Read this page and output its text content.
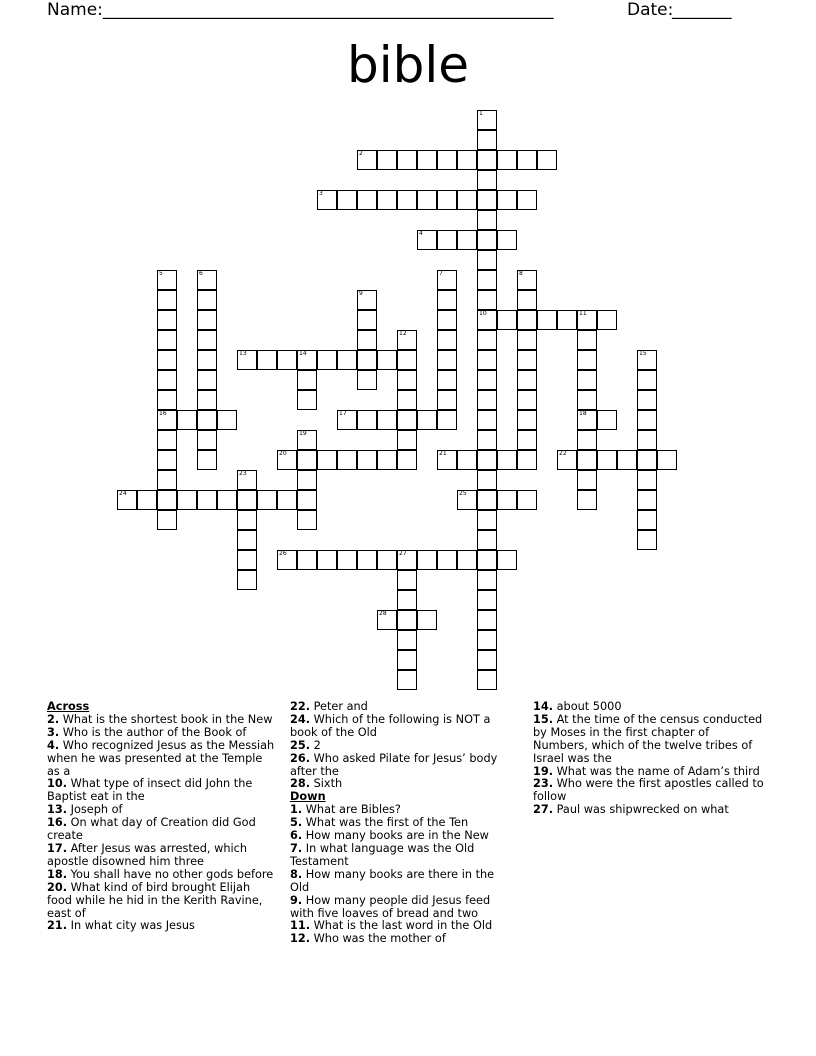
Name: _____________________________________________________	Date:
_______
bible
1
10
2
3
4
5
16
6	7	8
9
11
18
12
13	14	15
17
19
20	21	22
23
24	25
26	27
28

Across

2. What is the shortest book in the New

3. Who is the author of the Book of

4. Who recognized Jesus as the Messiah when he was presented at the Temple as a

10. What type of insect did John the Baptist eat in the

13. Joseph of

16. On what day of Creation did God create

17. After Jesus was arrested, which apostle disowned him three

18. You shall have no other gods before

20. What kind of bird brought Elijah food while he hid in the Kerith Ravine, east of

21. In what city was Jesus

22. Peter and

24. Which of the following is NOT a book of the Old

25. 2

26. Who asked Pilate for Jesus’ body after the

28. Sixth

Down

1. What are Bibles?

5. What was the first of the Ten

6. How many books are in the New

7. In what language was the Old Testament

8. How many books are there in the Old

9. How many people did Jesus feed with five loaves of bread and two

11. What is the last word in the Old

12. Who was the mother of

14. about 5000

15. At the time of the census conducted by Moses in the first chapter of Numbers, which of the twelve tribes of Israel was the

19. What was the name of Adam’s third

23. Who were the first apostles called to follow

27. Paul was shipwrecked on what
